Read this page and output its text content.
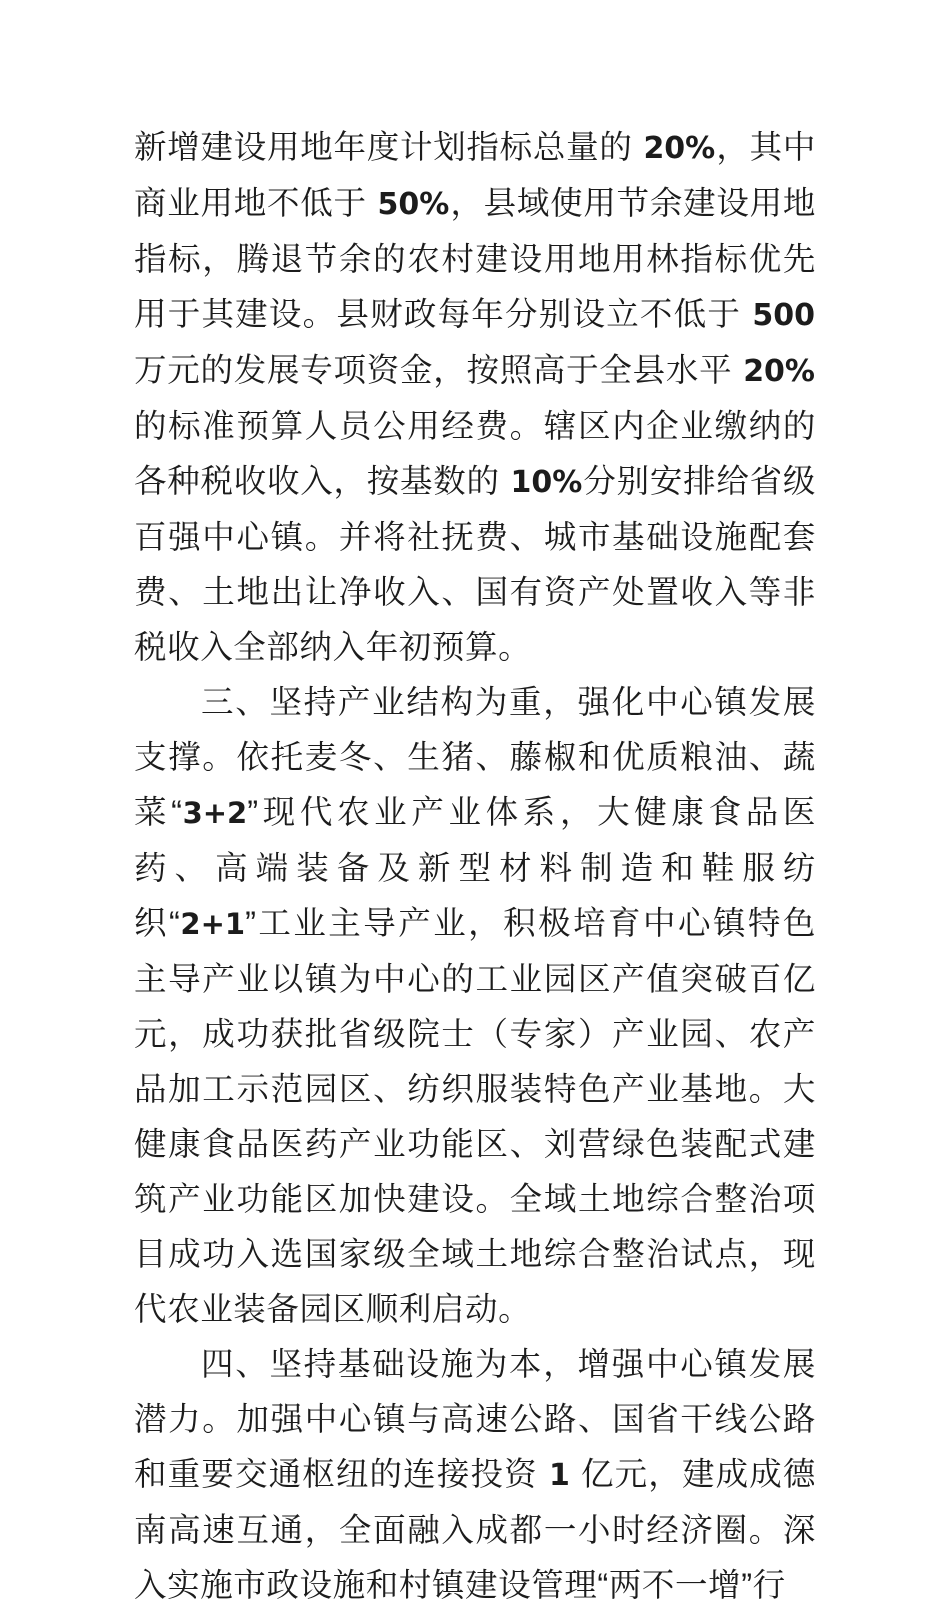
新增建设用地年度计划指标总量的 20%，其中商业用地不低于 50%，县域使用节余建设用地指标，腾退节余的农村建设用地用林指标优先用于其建设。县财政每年分别设立不低于 500 万元的发展专项资金，按照高于全县水平 20%的标准预算人员公用经费。辖区内企业缴纳的各种税收收入，按基数的 10%分别安排给省级百强中心镇。并将社抚费、城市基础设施配套费、土地出让净收入、国有资产处置收入等非税收入全部纳入年初预算。

三、坚持产业结构为重，强化中心镇发展支撑。依托麦冬、生猪、藤椒和优质粮油、蔬菜“3+2”现代农业产业体系，大健康食品医药、高端装备及新型材料制造和鞋服纺织“2+1”工业主导产业，积极培育中心镇特色主导产业以镇为中心的工业园区产值突破百亿元，成功获批省级院士（专家）产业园、农产品加工示范园区、纺织服装特色产业基地。大健康食品医药产业功能区、刘营绿色装配式建筑产业功能区加快建设。全域土地综合整治项目成功入选国家级全域土地综合整治试点，现代农业装备园区顺利启动。

四、坚持基础设施为本，增强中心镇发展潜力。加强中心镇与高速公路、国省干线公路和重要交通枢纽的连接投资 1 亿元，建成成德南高速互通，全面融入成都一小时经济圈。深入实施市政设施和村镇建设管理“两不一增”行
